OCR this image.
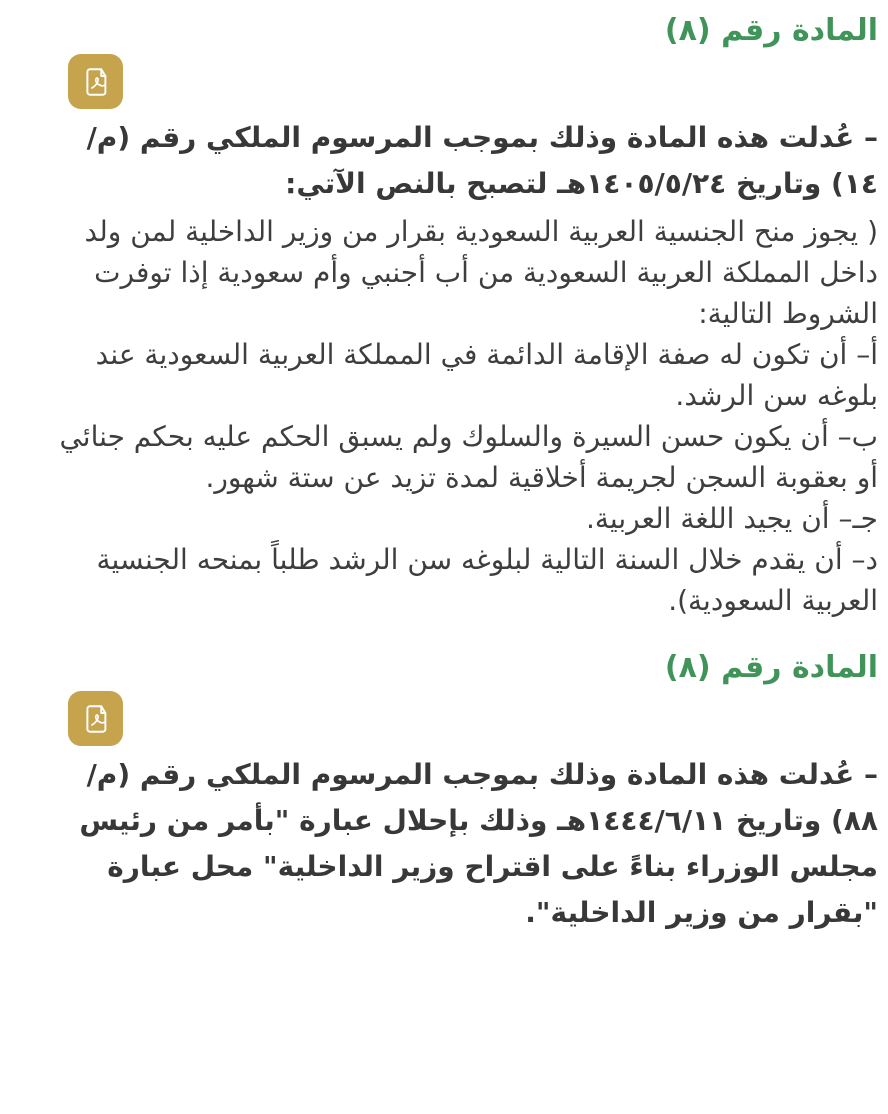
المادة رقم (٨)

– عُدلت هذه المادة وذلك بموجب المرسوم الملكي رقم (م/١٤) وتاريخ ١٤٠٥/٥/٢٤هـ لتصبح بالنص الآتي:

( يجوز منح الجنسية العربية السعودية بقرار من وزير الداخلية لمن ولد داخل المملكة العربية السعودية من أب أجنبي وأم سعودية إذا توفرت الشروط التالية:

أ– أن تكون له صفة الإقامة الدائمة في المملكة العربية السعودية عند بلوغه سن الرشد.

ب– أن يكون حسن السيرة والسلوك ولم يسبق الحكم عليه بحكم جنائي أو بعقوبة السجن لجريمة أخلاقية لمدة تزيد عن ستة شهور.

جـ– أن يجيد اللغة العربية.

د– أن يقدم خلال السنة التالية لبلوغه سن الرشد طلباً بمنحه الجنسية العربية السعودية).

المادة رقم (٨)

– عُدلت هذه المادة وذلك بموجب المرسوم الملكي رقم (م/٨٨) وتاريخ ١٤٤٤/٦/١١هـ وذلك بإحلال عبارة "بأمر من رئيس مجلس الوزراء بناءً على اقتراح وزير الداخلية" محل عبارة "بقرار من وزير الداخلية".
